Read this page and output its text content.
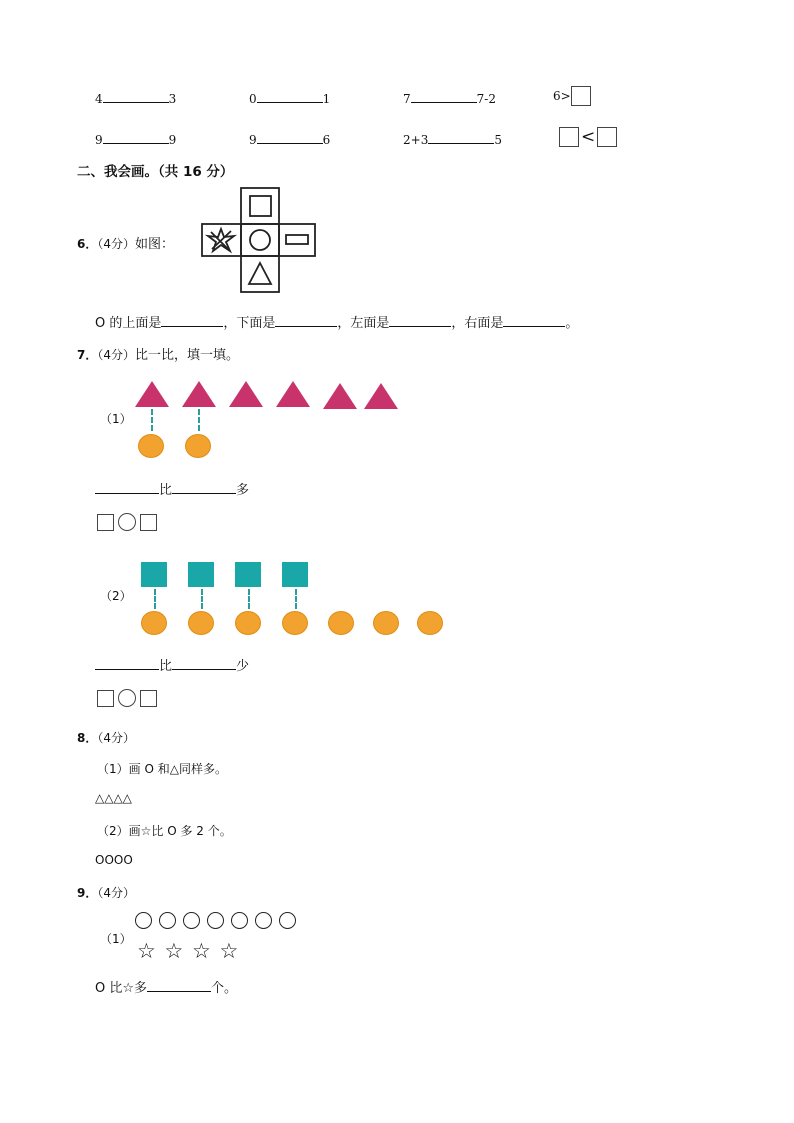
4	3	0	1	7	7-2	6>
9	9	9	6	2+3	5	<
二、我会画。（共 16 分）
6．（4分）如图：
O 的上面是	，下面是	，左面是	，右面是	。
7．（4分）比一比，填一填。
（1）
比	多

（2）
比	少

8．（4分）
（1）画 O 和△同样多。
△△△△
（2）画☆比 O 多 2 个。
OOOO
9．（4分）
（1） ☆ ☆ ☆ ☆
O 比☆多	个。
